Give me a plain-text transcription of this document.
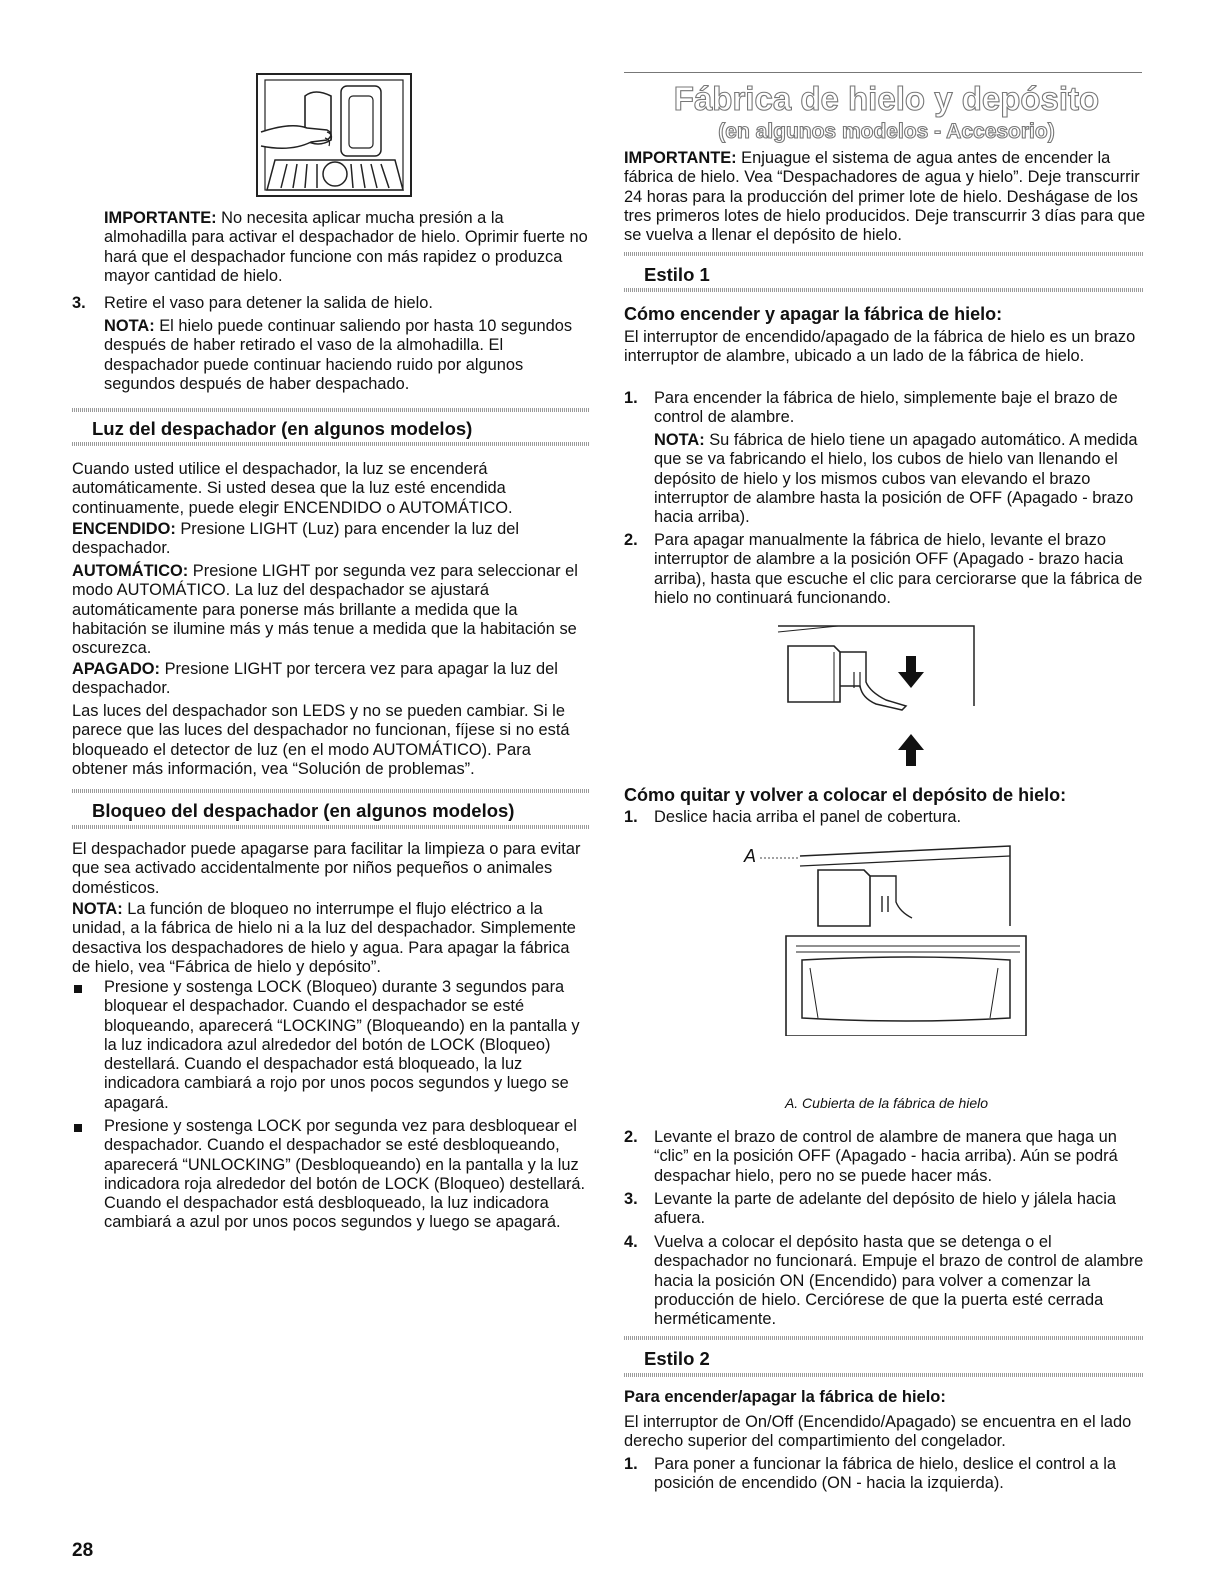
IMPORTANTE: No necesita aplicar mucha presión a la almohadilla para activar el despachador de hielo. Oprimir fuerte no hará que el despachador funcione con más rapidez o produzca mayor cantidad de hielo.

3. Retire el vaso para detener la salida de hielo.

NOTA: El hielo puede continuar saliendo por hasta 10 segundos después de haber retirado el vaso de la almohadilla. El despachador puede continuar haciendo ruido por algunos segundos después de haber despachado.

Luz del despachador (en algunos modelos)

Cuando usted utilice el despachador, la luz se encenderá automáticamente. Si usted desea que la luz esté encendida continuamente, puede elegir ENCENDIDO o AUTOMÁTICO.

ENCENDIDO: Presione LIGHT (Luz) para encender la luz del despachador.

AUTOMÁTICO: Presione LIGHT por segunda vez para seleccionar el modo AUTOMÁTICO. La luz del despachador se ajustará automáticamente para ponerse más brillante a medida que la habitación se ilumine más y más tenue a medida que la habitación se oscurezca.

APAGADO: Presione LIGHT por tercera vez para apagar la luz del despachador.

Las luces del despachador son LEDS y no se pueden cambiar. Si le parece que las luces del despachador no funcionan, fíjese si no está bloqueado el detector de luz (en el modo AUTOMÁTICO). Para obtener más información, vea “Solución de problemas”.

Bloqueo del despachador (en algunos modelos)

El despachador puede apagarse para facilitar la limpieza o para evitar que sea activado accidentalmente por niños pequeños o animales domésticos.

NOTA: La función de bloqueo no interrumpe el flujo eléctrico a la unidad, a la fábrica de hielo ni a la luz del despachador. Simplemente desactiva los despachadores de hielo y agua. Para apagar la fábrica de hielo, vea “Fábrica de hielo y depósito”.

Presione y sostenga LOCK (Bloqueo) durante 3 segundos para bloquear el despachador. Cuando el despachador se esté bloqueando, aparecerá “LOCKING” (Bloqueando) en la pantalla y la luz indicadora azul alrededor del botón de LOCK (Bloqueo) destellará. Cuando el despachador está bloqueado, la luz indicadora cambiará a rojo por unos pocos segundos y luego se apagará.

Presione y sostenga LOCK por segunda vez para desbloquear el despachador. Cuando el despachador se esté desbloqueando, aparecerá “UNLOCKING” (Desbloqueando) en la pantalla y la luz indicadora roja alrededor del botón de LOCK (Bloqueo) destellará. Cuando el despachador está desbloqueado, la luz indicadora cambiará a azul por unos pocos segundos y luego se apagará.

28
Fábrica de hielo y depósito
(en algunos modelos - Accesorio)

IMPORTANTE: Enjuague el sistema de agua antes de encender la fábrica de hielo. Vea “Despachadores de agua y hielo”. Deje transcurrir 24 horas para la producción del primer lote de hielo. Deshágase de los tres primeros lotes de hielo producidos. Deje transcurrir 3 días para que se vuelva a llenar el depósito de hielo.

Estilo 1
Cómo encender y apagar la fábrica de hielo:

El interruptor de encendido/apagado de la fábrica de hielo es un brazo interruptor de alambre, ubicado a un lado de la fábrica de hielo.

1. Para encender la fábrica de hielo, simplemente baje el brazo de control de alambre.

NOTA: Su fábrica de hielo tiene un apagado automático. A medida que se va fabricando el hielo, los cubos de hielo van llenando el depósito de hielo y los mismos cubos van elevando el brazo interruptor de alambre hasta la posición de OFF (Apagado - brazo hacia arriba).

2. Para apagar manualmente la fábrica de hielo, levante el brazo interruptor de alambre a la posición OFF (Apagado - brazo hacia arriba), hasta que escuche el clic para cerciorarse que la fábrica de hielo no continuará funcionando.

Cómo quitar y volver a colocar el depósito de hielo:
1. Deslice hacia arriba el panel de cobertura.

A
A. Cubierta de la fábrica de hielo
2. Levante el brazo de control de alambre de manera que haga un “clic” en la posición OFF (Apagado - hacia arriba). Aún se podrá despachar hielo, pero no se puede hacer más.

3. Levante la parte de adelante del depósito de hielo y jálela hacia afuera.

4. Vuelva a colocar el depósito hasta que se detenga o el despachador no funcionará. Empuje el brazo de control de alambre hacia la posición ON (Encendido) para volver a comenzar la producción de hielo. Cerciórese de que la puerta esté cerrada herméticamente.

Estilo 2
Para encender/apagar la fábrica de hielo:

El interruptor de On/Off (Encendido/Apagado) se encuentra en el lado derecho superior del compartimiento del congelador.

1. Para poner a funcionar la fábrica de hielo, deslice el control a la posición de encendido (ON - hacia la izquierda).
